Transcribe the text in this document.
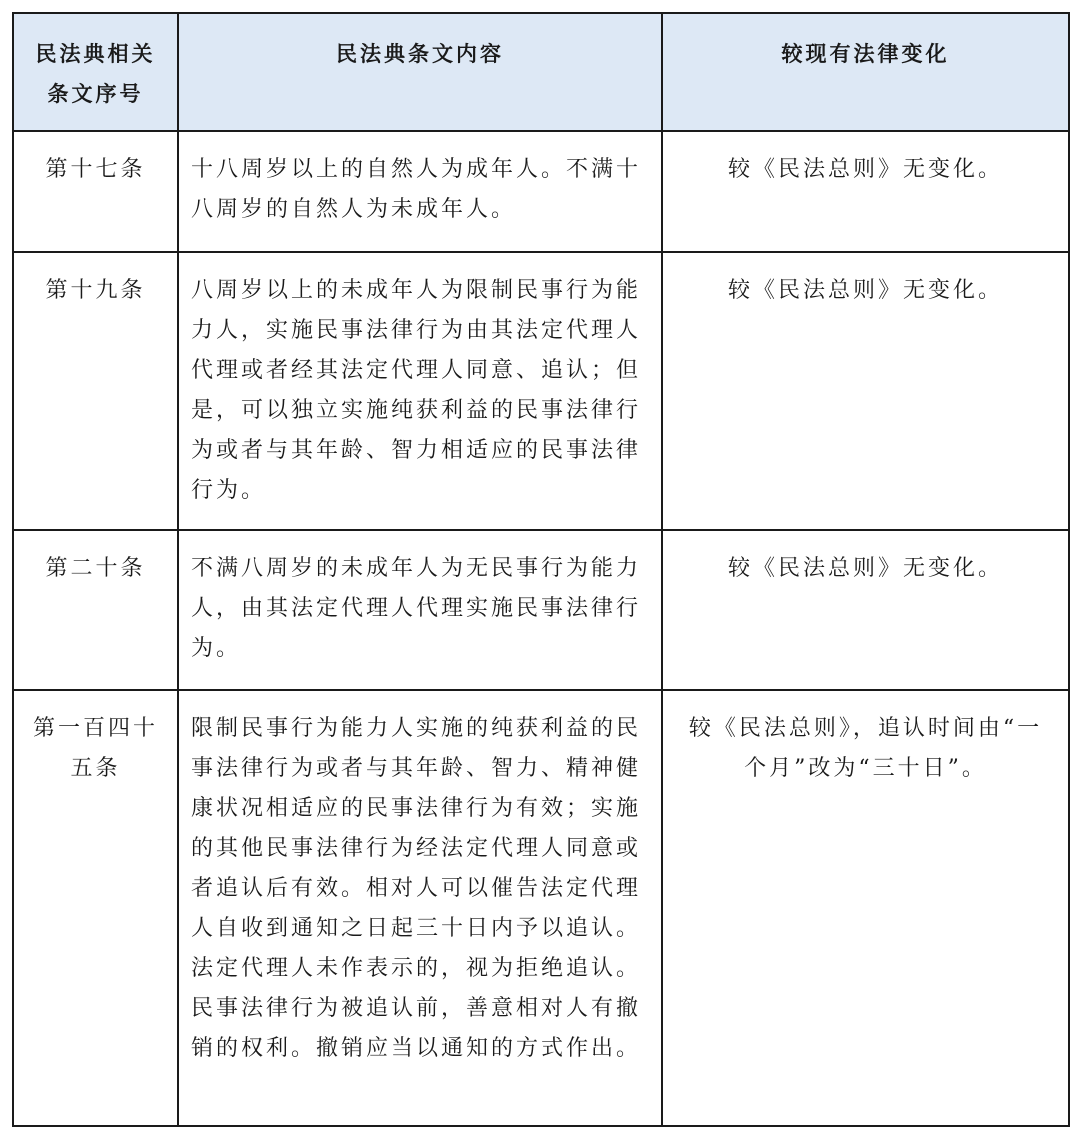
民法典相关条文序号	民法典条文内容	较现有法律变化
第十七条	十八周岁以上的自然人为成年人。不满十八周岁的自然人为未成年人。	较《民法总则》无变化。
第十九条	八周岁以上的未成年人为限制民事行为能力人，实施民事法律行为由其法定代理人代理或者经其法定代理人同意、追认；但是，可以独立实施纯获利益的民事法律行为或者与其年龄、智力相适应的民事法律行为。	较《民法总则》无变化。
第二十条	不满八周岁的未成年人为无民事行为能力人，由其法定代理人代理实施民事法律行为。	较《民法总则》无变化。
第一百四十五条	限制民事行为能力人实施的纯获利益的民事法律行为或者与其年龄、智力、精神健康状况相适应的民事法律行为有效；实施的其他民事法律行为经法定代理人同意或者追认后有效。相对人可以催告法定代理人自收到通知之日起三十日内予以追认。法定代理人未作表示的，视为拒绝追认。民事法律行为被追认前，善意相对人有撤销的权利。撤销应当以通知的方式作出。	较《民法总则》，追认时间由“一个月”改为“三十日”。
